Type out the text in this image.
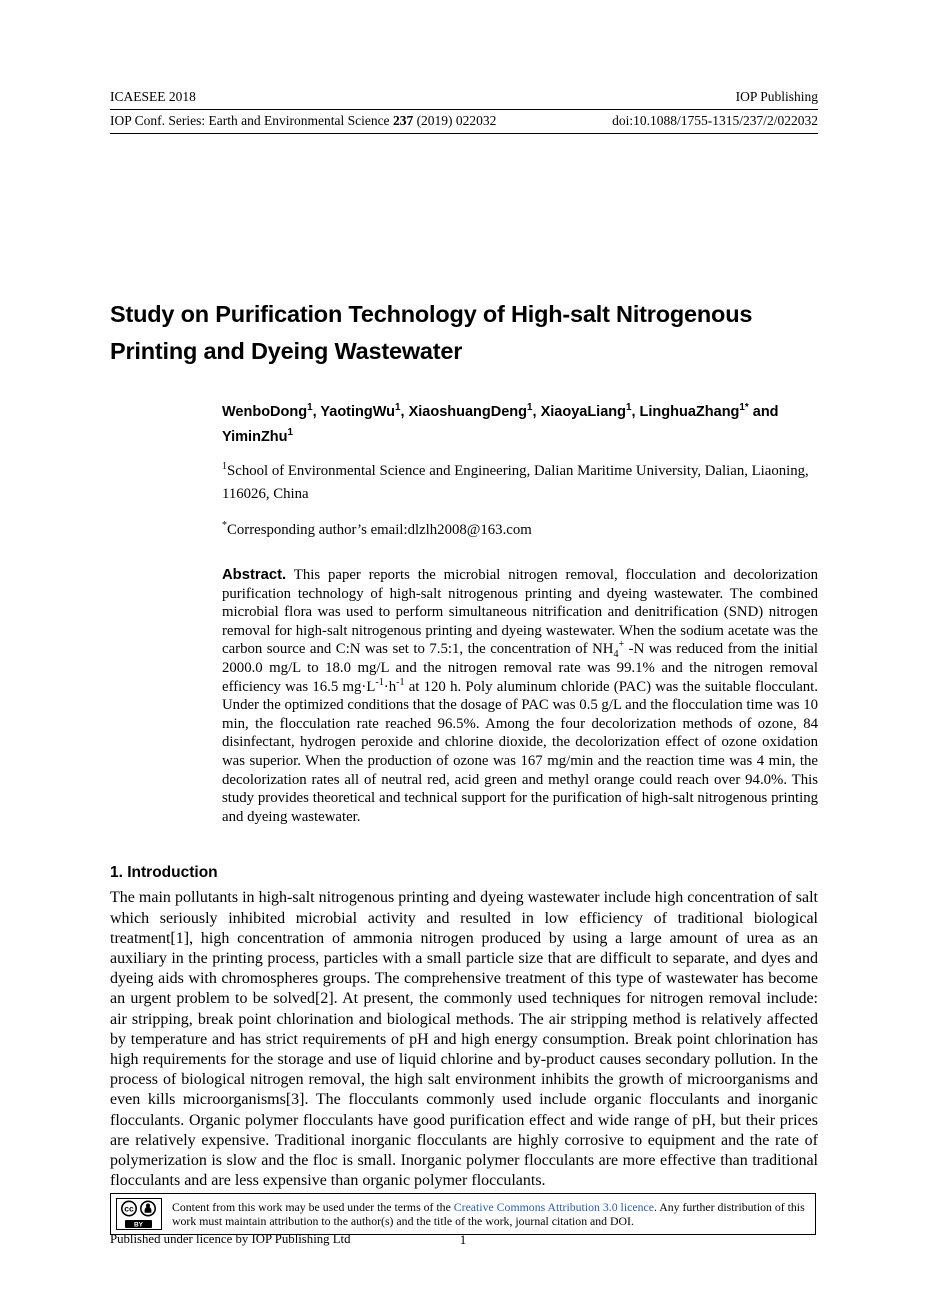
ICAESEE 2018	IOP Publishing
IOP Conf. Series: Earth and Environmental Science 237 (2019) 022032	doi:10.1088/1755-1315/237/2/022032
Study on Purification Technology of High-salt Nitrogenous Printing and Dyeing Wastewater
WenboDong$^1$, YaotingWu$^1$, XiaoshuangDeng$^1$, XiaoyaLiang$^1$, LinghuaZhang$^{1*}$ and YiminZhu$^1$
$^1$School of Environmental Science and Engineering, Dalian Maritime University, Dalian, Liaoning, 116026, China
*Corresponding author’s email:dlzlh2008@163.com

Abstract. This paper reports the microbial nitrogen removal, flocculation and decolorization purification technology of high-salt nitrogenous printing and dyeing wastewater. The combined microbial flora was used to perform simultaneous nitrification and denitrification (SND) nitrogen removal for high-salt nitrogenous printing and dyeing wastewater. When the sodium acetate was the carbon source and C:N was set to 7.5:1, the concentration of $NH_4^+$ -N was reduced from the initial 2000.0 mg/L to 18.0 mg/L and the nitrogen removal rate was 99.1% and the nitrogen removal efficiency was 16.5 $mg\cdot L^{-1}\cdot h^{-1}$ at 120 h. Poly aluminum chloride (PAC) was the suitable flocculant. Under the optimized conditions that the dosage of PAC was 0.5 g/L and the flocculation time was 10 min, the flocculation rate reached 96.5%. Among the four decolorization methods of ozone, 84 disinfectant, hydrogen peroxide and chlorine dioxide, the decolorization effect of ozone oxidation was superior. When the production of ozone was 167 mg/min and the reaction time was 4 min, the decolorization rates all of neutral red, acid green and methyl orange could reach over 94.0%. This study provides theoretical and technical support for the purification of high-salt nitrogenous printing and dyeing wastewater.

1. Introduction

The main pollutants in high-salt nitrogenous printing and dyeing wastewater include high concentration of salt which seriously inhibited microbial activity and resulted in low efficiency of traditional biological treatment[1], high concentration of ammonia nitrogen produced by using a large amount of urea as an auxiliary in the printing process, particles with a small particle size that are difficult to separate, and dyes and dyeing aids with chromospheres groups. The comprehensive treatment of this type of wastewater has become an urgent problem to be solved[2]. At present, the commonly used techniques for nitrogen removal include: air stripping, break point chlorination and biological methods. The air stripping method is relatively affected by temperature and has strict requirements of pH and high energy consumption. Break point chlorination has high requirements for the storage and use of liquid chlorine and by-product causes secondary pollution. In the process of biological nitrogen removal, the high salt environment inhibits the growth of microorganisms and even kills microorganisms[3]. The flocculants commonly used include organic flocculants and inorganic flocculants. Organic polymer flocculants have good purification effect and wide range of pH, but their prices are relatively expensive. Traditional inorganic flocculants are highly corrosive to equipment and the rate of polymerization is slow and the floc is small. Inorganic polymer flocculants are more effective than traditional flocculants and are less expensive than organic polymer flocculants.

cc
BY
Content from this work may be used under the terms of the Creative Commons Attribution 3.0 licence. Any further distribution of this work must maintain attribution to the author(s) and the title of the work, journal citation and DOI.
Published under licence by IOP Publishing Ltd	1
